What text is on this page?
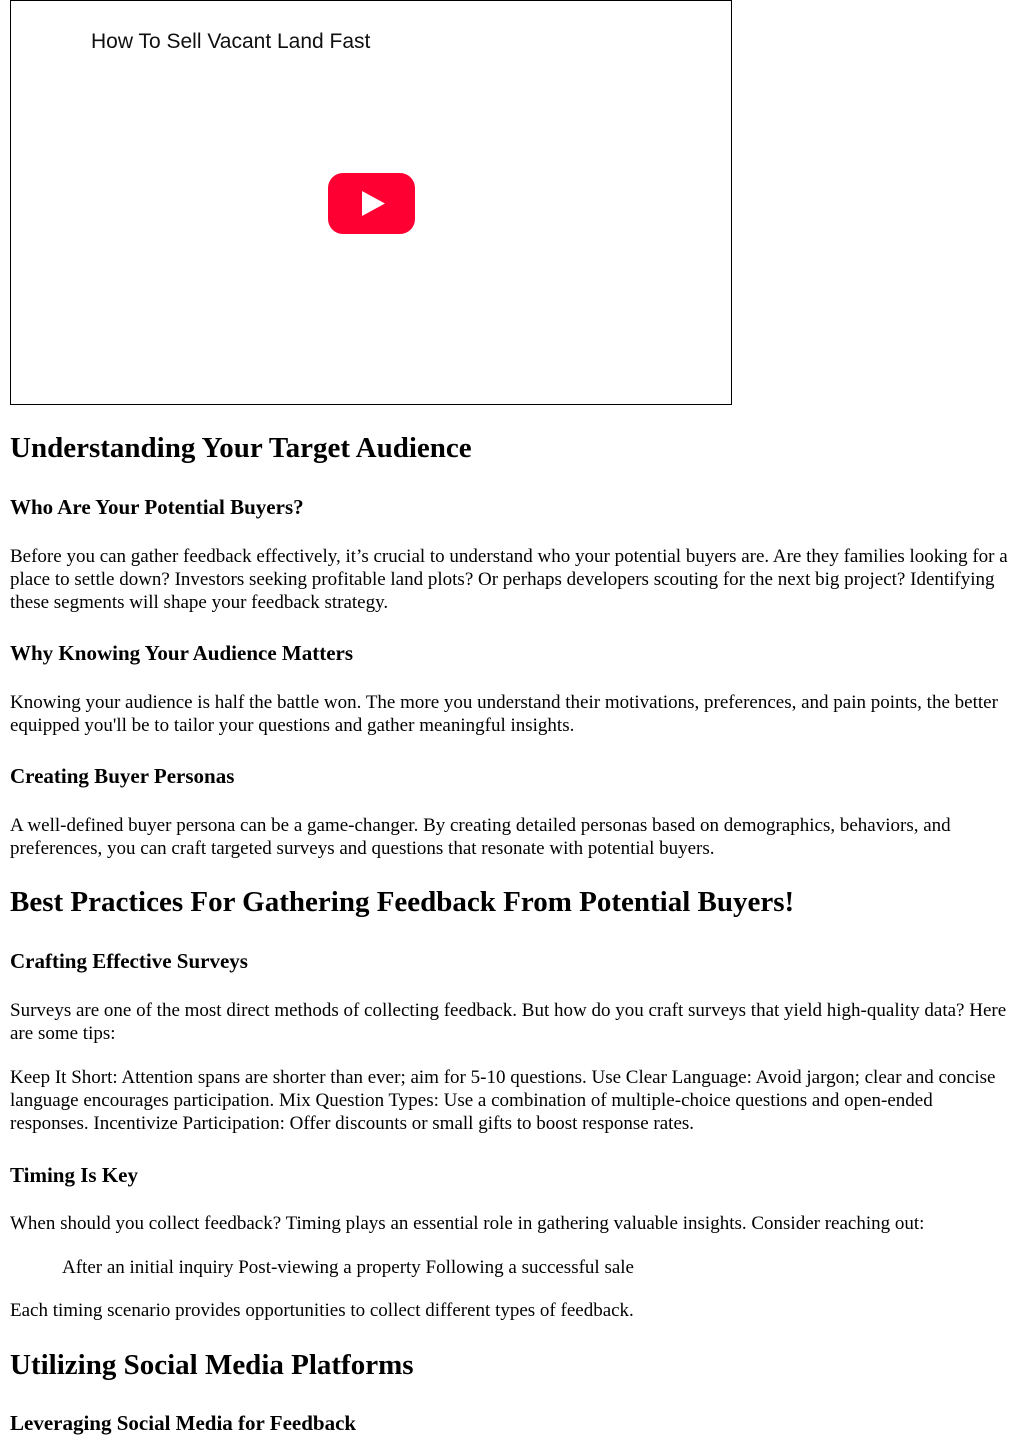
How To Sell Vacant Land Fast
Understanding Your Target Audience
Who Are Your Potential Buyers?

Before you can gather feedback effectively, it’s crucial to understand who your potential buyers are. Are they families looking for a place to settle down? Investors seeking profitable land plots? Or perhaps developers scouting for the next big project? Identifying these segments will shape your feedback strategy.

Why Knowing Your Audience Matters

Knowing your audience is half the battle won. The more you understand their motivations, preferences, and pain points, the better equipped you'll be to tailor your questions and gather meaningful insights.

Creating Buyer Personas

A well-defined buyer persona can be a game-changer. By creating detailed personas based on demographics, behaviors, and preferences, you can craft targeted surveys and questions that resonate with potential buyers.

Best Practices For Gathering Feedback From Potential Buyers!
Crafting Effective Surveys

Surveys are one of the most direct methods of collecting feedback. But how do you craft surveys that yield high-quality data? Here are some tips:

Keep It Short: Attention spans are shorter than ever; aim for 5-10 questions. Use Clear Language: Avoid jargon; clear and concise language encourages participation. Mix Question Types: Use a combination of multiple-choice questions and open-ended responses. Incentivize Participation: Offer discounts or small gifts to boost response rates.

Timing Is Key

When should you collect feedback? Timing plays an essential role in gathering valuable insights. Consider reaching out:

After an initial inquiry Post-viewing a property Following a successful sale

Each timing scenario provides opportunities to collect different types of feedback.

Utilizing Social Media Platforms
Leveraging Social Media for Feedback
